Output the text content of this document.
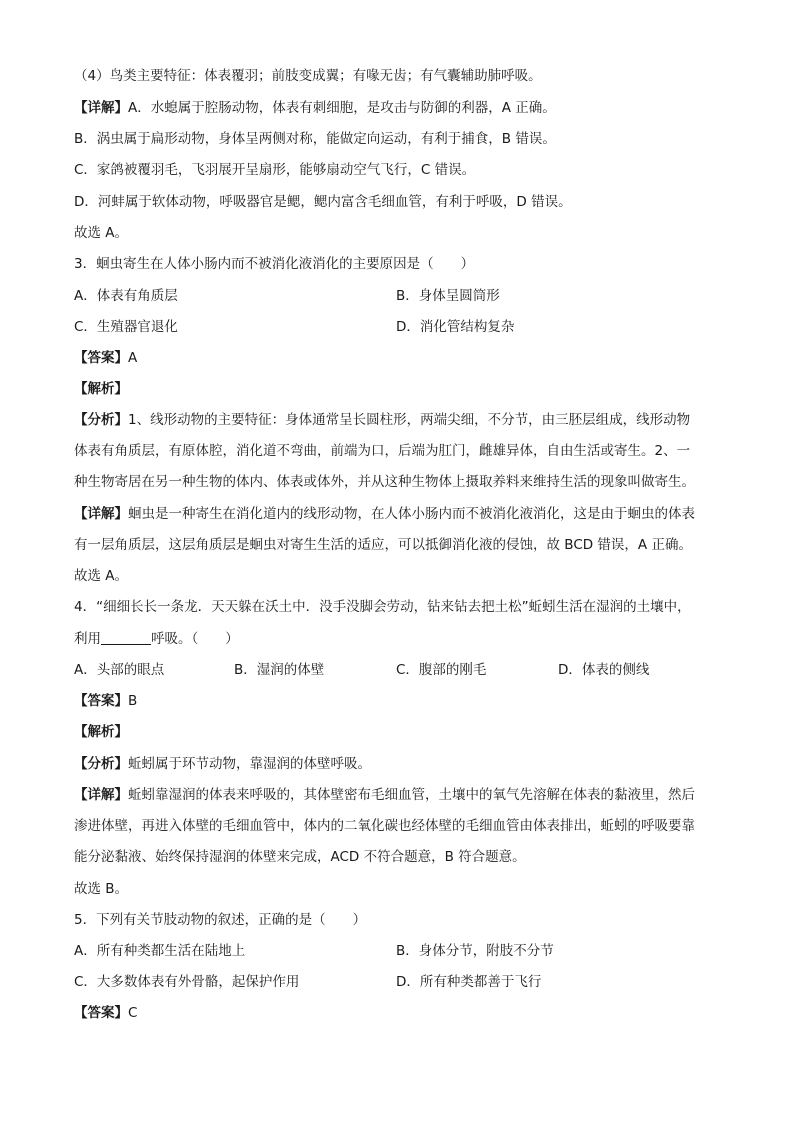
（4）鸟类主要特征：体表覆羽；前肢变成翼；有喙无齿；有气囊辅助肺呼吸。
【详解】A．水螅属于腔肠动物，体表有刺细胞，是攻击与防御的利器，A 正确。
B．涡虫属于扁形动物，身体呈两侧对称，能做定向运动，有利于捕食，B 错误。
C．家鸽被覆羽毛，飞羽展开呈扇形，能够扇动空气飞行，C 错误。
D．河蚌属于软体动物，呼吸器官是鳃，鳃内富含毛细血管，有利于呼吸，D 错误。
故选 A。
3．蛔虫寄生在人体小肠内而不被消化液消化的主要原因是（　　）
A．体表有角质层	B．身体呈圆筒形
C．生殖器官退化	D．消化管结构复杂
【答案】A
【解析】
【分析】1、线形动物的主要特征：身体通常呈长圆柱形，两端尖细，不分节，由三胚层组成，线形动物
体表有角质层，有原体腔，消化道不弯曲，前端为口，后端为肛门，雌雄异体，自由生活或寄生。2、一
种生物寄居在另一种生物的体内、体表或体外，并从这种生物体上摄取养料来维持生活的现象叫做寄生。
【详解】蛔虫是一种寄生在消化道内的线形动物，在人体小肠内而不被消化液消化，这是由于蛔虫的体表
有一层角质层，这层角质层是蛔虫对寄生生活的适应，可以抵御消化液的侵蚀，故 BCD 错误，A 正确。
故选 A。
4．“细细长长一条龙．天天躲在沃土中．没手没脚会劳动，钻来钻去把土松”蚯蚓生活在湿润的土壤中，
利用	呼吸。（　　）
A．头部的眼点	B．湿润的体壁	C．腹部的刚毛	D．体表的侧线
【答案】B
【解析】
【分析】蚯蚓属于环节动物，靠湿润的体壁呼吸。
【详解】蚯蚓靠湿润的体表来呼吸的，其体壁密布毛细血管，土壤中的氧气先溶解在体表的黏液里，然后
渗进体壁，再进入体壁的毛细血管中，体内的二氧化碳也经体壁的毛细血管由体表排出，蚯蚓的呼吸要靠
能分泌黏液、始终保持湿润的体壁来完成，ACD 不符合题意，B 符合题意。
故选 B。
5．下列有关节肢动物的叙述，正确的是（　　）
A．所有种类都生活在陆地上	B．身体分节，附肢不分节
C．大多数体表有外骨骼，起保护作用	D．所有种类都善于飞行
【答案】C
